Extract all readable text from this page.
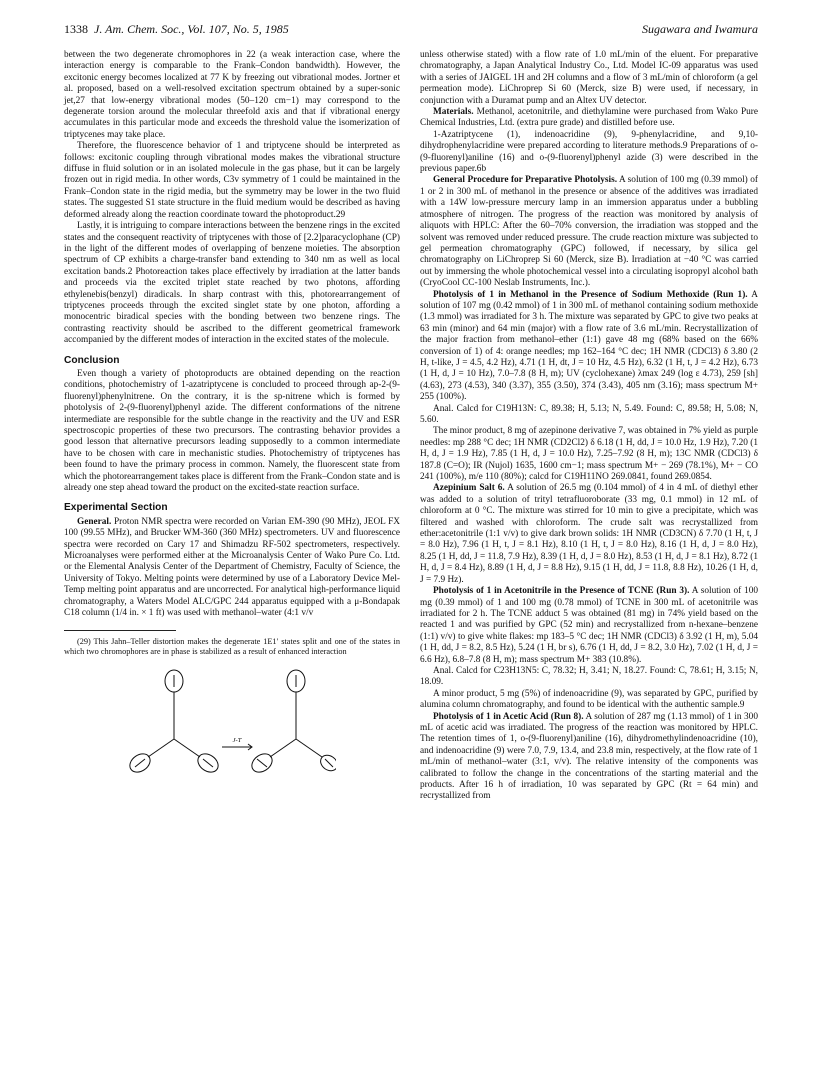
1338 J. Am. Chem. Soc., Vol. 107, No. 5, 1985	Sugawara and Iwamura

between the two degenerate chromophores in 22 (a weak interaction case, where the interaction energy is comparable to the Frank–Condon bandwidth). However, the excitonic energy becomes localized at 77 K by freezing out vibrational modes. Jortner et al. proposed, based on a well-resolved excitation spectrum obtained by a super-sonic jet,27 that low-energy vibrational modes (50–120 cm−1) may correspond to the degenerate torsion around the molecular threefold axis and that if vibrational energy accumulates in this particular mode and exceeds the threshold value the isomerization of triptycenes may take place.

Therefore, the fluorescence behavior of 1 and triptycene should be interpreted as follows: excitonic coupling through vibrational modes makes the vibrational structure diffuse in fluid solution or in an isolated molecule in the gas phase, but it can be largely frozen out in rigid media. In other words, C3v symmetry of 1 could be maintained in the Frank–Condon state in the rigid media, but the symmetry may be lower in the two fluid states. The suggested S1 state structure in the fluid medium would be described as having deformed already along the reaction coordinate toward the photoproduct.29

Lastly, it is intriguing to compare interactions between the benzene rings in the excited states and the consequent reactivity of triptycenes with those of [2.2]paracyclophane (CP) in the light of the different modes of overlapping of benzene moieties. The absorption spectrum of CP exhibits a charge-transfer band extending to 340 nm as well as local excitation bands.2 Photoreaction takes place effectively by irradiation at the latter bands and proceeds via the excited triplet state reached by two photons, affording ethylenebis(benzyl) diradicals. In sharp contrast with this, photorearrangement of triptycenes proceeds through the excited singlet state by one photon, affording a monocentric biradical species with the bonding between two benzene rings. The contrasting reactivity should be ascribed to the different geometrical framework accompanied by the different modes of interaction in the excited states of the molecule.

Conclusion

Even though a variety of photoproducts are obtained depending on the reaction conditions, photochemistry of 1-azatriptycene is concluded to proceed through ap-2-(9-fluorenyl)phenylnitrene. On the contrary, it is the sp-nitrene which is formed by photolysis of 2-(9-fluorenyl)phenyl azide. The different conformations of the nitrene intermediate are responsible for the subtle change in the reactivity and the UV and ESR spectroscopic properties of these two precursors. The contrasting behavior provides a good lesson that alternative precursors leading supposedly to a common intermediate have to be chosen with care in mechanistic studies. Photochemistry of triptycenes has been found to have the primary process in common. Namely, the fluorescent state from which the photorearrangement takes place is different from the Frank–Condon state and is already one step ahead toward the product on the excited-state reaction surface.

Experimental Section

General. Proton NMR spectra were recorded on Varian EM-390 (90 MHz), JEOL FX 100 (99.55 MHz), and Brucker WM-360 (360 MHz) spectrometers. UV and fluorescence spectra were recorded on Cary 17 and Shimadzu RF-502 spectrometers, respectively. Microanalyses were performed either at the Microanalysis Center of Wako Pure Co. Ltd. or the Elemental Analysis Center of the Department of Chemistry, Faculty of Science, the University of Tokyo. Melting points were determined by use of a Laboratory Device Mel-Temp melting point apparatus and are uncorrected. For analytical high-performance liquid chromatography, a Waters Model ALC/GPC 244 apparatus equipped with a μ-Bondapak C18 column (1/4 in. × 1 ft) was used with methanol–water (4:1 v/v

(29) This Jahn–Teller distortion makes the degenerate 1E1′ states split and one of the states in which two chromophores are in phase is stabilized as a result of enhanced interaction

J-T

unless otherwise stated) with a flow rate of 1.0 mL/min of the eluent. For preparative chromatography, a Japan Analytical Industry Co., Ltd. Model IC-09 apparatus was used with a series of JAIGEL 1H and 2H columns and a flow of 3 mL/min of chloroform (a gel permeation mode). LiChroprep Si 60 (Merck, size B) were used, if necessary, in conjunction with a Duramat pump and an Altex UV detector.

Materials. Methanol, acetonitrile, and diethylamine were purchased from Wako Pure Chemical Industries, Ltd. (extra pure grade) and distilled before use.

1-Azatriptycene (1), indenoacridine (9), 9-phenylacridine, and 9,10-dihydrophenylacridine were prepared according to literature methods.9 Preparations of o-(9-fluorenyl)aniline (16) and o-(9-fluorenyl)phenyl azide (3) were described in the previous paper.6b

General Procedure for Preparative Photolysis. A solution of 100 mg (0.39 mmol) of 1 or 2 in 300 mL of methanol in the presence or absence of the additives was irradiated with a 14W low-pressure mercury lamp in an immersion apparatus under a bubbling atmosphere of nitrogen. The progress of the reaction was monitored by analysis of aliquots with HPLC: After the 60–70% conversion, the irradiation was stopped and the solvent was removed under reduced pressure. The crude reaction mixture was subjected to gel permeation chromatography (GPC) followed, if necessary, by silica gel chromatography on LiChroprep Si 60 (Merck, size B). Irradiation at −40 °C was carried out by immersing the whole photochemical vessel into a circulating isopropyl alcohol bath (CryoCool CC-100 Neslab Instruments, Inc.).

Photolysis of 1 in Methanol in the Presence of Sodium Methoxide (Run 1). A solution of 107 mg (0.42 mmol) of 1 in 300 mL of methanol containing sodium methoxide (1.3 mmol) was irradiated for 3 h. The mixture was separated by GPC to give two peaks at 63 min (minor) and 64 min (major) with a flow rate of 3.6 mL/min. Recrystallization of the major fraction from methanol–ether (1:1) gave 48 mg (68% based on the 66% conversion of 1) of 4: orange needles; mp 162–164 °C dec; 1H NMR (CDCl3) δ 3.80 (2 H, t-like, J = 4.5, 4.2 Hz), 4.71 (1 H, dt, J = 10 Hz, 4.5 Hz), 6.32 (1 H, t, J = 4.2 Hz), 6.73 (1 H, d, J = 10 Hz), 7.0–7.8 (8 H, m); UV (cyclohexane) λmax 249 (log ε 4.73), 259 [sh] (4.63), 273 (4.53), 340 (3.37), 355 (3.50), 374 (3.43), 405 nm (3.16); mass spectrum M+ 255 (100%).

Anal. Calcd for C19H13N: C, 89.38; H, 5.13; N, 5.49. Found: C, 89.58; H, 5.08; N, 5.60.

The minor product, 8 mg of azepinone derivative 7, was obtained in 7% yield as purple needles: mp 288 °C dec; 1H NMR (CD2Cl2) δ 6.18 (1 H, dd, J = 10.0 Hz, 1.9 Hz), 7.20 (1 H, d, J = 1.9 Hz), 7.85 (1 H, d, J = 10.0 Hz), 7.25–7.92 (8 H, m); 13C NMR (CDCl3) δ 187.8 (C=O); IR (Nujol) 1635, 1600 cm−1; mass spectrum M+ − 269 (78.1%), M+ − CO 241 (100%), m/e 110 (80%); calcd for C19H11NO 269.0841, found 269.0854.

Azepinium Salt 6. A solution of 26.5 mg (0.104 mmol) of 4 in 4 mL of diethyl ether was added to a solution of trityl tetrafluoroborate (33 mg, 0.1 mmol) in 12 mL of chloroform at 0 °C. The mixture was stirred for 10 min to give a precipitate, which was filtered and washed with chloroform. The crude salt was recrystallized from ether:acetonitrile (1:1 v/v) to give dark brown solids: 1H NMR (CD3CN) δ 7.70 (1 H, t, J = 8.0 Hz), 7.96 (1 H, t, J = 8.1 Hz), 8.10 (1 H, t, J = 8.0 Hz), 8.16 (1 H, d, J = 8.0 Hz), 8.25 (1 H, dd, J = 11.8, 7.9 Hz), 8.39 (1 H, d, J = 8.0 Hz), 8.53 (1 H, d, J = 8.1 Hz), 8.72 (1 H, d, J = 8.4 Hz), 8.89 (1 H, d, J = 8.8 Hz), 9.15 (1 H, dd, J = 11.8, 8.8 Hz), 10.26 (1 H, d, J = 7.9 Hz).

Photolysis of 1 in Acetonitrile in the Presence of TCNE (Run 3). A solution of 100 mg (0.39 mmol) of 1 and 100 mg (0.78 mmol) of TCNE in 300 mL of acetonitrile was irradiated for 2 h. The TCNE adduct 5 was obtained (81 mg) in 74% yield based on the reacted 1 and was purified by GPC (52 min) and recrystallized from n-hexane–benzene (1:1) v/v) to give white flakes: mp 183–5 °C dec; 1H NMR (CDCl3) δ 3.92 (1 H, m), 5.04 (1 H, dd, J = 8.2, 8.5 Hz), 5.24 (1 H, br s), 6.76 (1 H, dd, J = 8.2, 3.0 Hz), 7.02 (1 H, d, J = 6.6 Hz), 6.8–7.8 (8 H, m); mass spectrum M+ 383 (10.8%).

Anal. Calcd for C23H13N5: C, 78.32; H, 3.41; N, 18.27. Found: C, 78.61; H, 3.15; N, 18.09.

A minor product, 5 mg (5%) of indenoacridine (9), was separated by GPC, purified by alumina column chromatography, and found to be identical with the authentic sample.9

Photolysis of 1 in Acetic Acid (Run 8). A solution of 287 mg (1.13 mmol) of 1 in 300 mL of acetic acid was irradiated. The progress of the reaction was monitored by HPLC. The retention times of 1, o-(9-fluorenyl)aniline (16), dihydromethylindenoacridine (10), and indenoacridine (9) were 7.0, 7.9, 13.4, and 23.8 min, respectively, at the flow rate of 1 mL/min of methanol–water (3:1, v/v). The relative intensity of the components was calibrated to follow the change in the concentrations of the starting material and the products. After 16 h of irradiation, 10 was separated by GPC (Rt = 64 min) and recrystallized from
